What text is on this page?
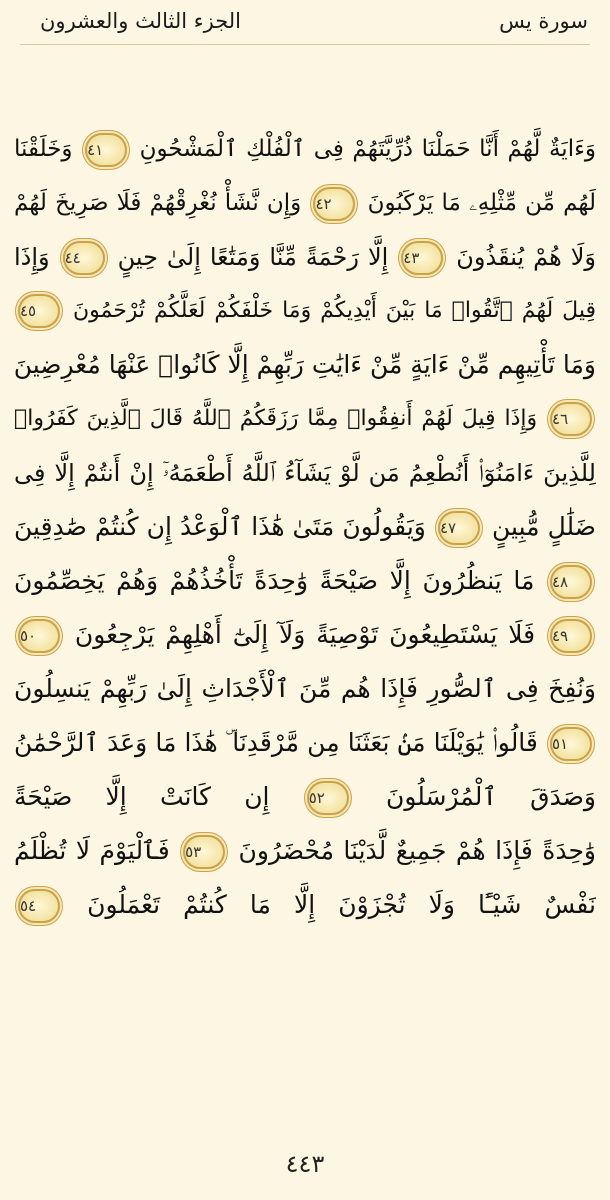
سورة يس
الجزء الثالث والعشرون
وَءَايَةٌ لَّهُمْ أَنَّا حَمَلْنَا ذُرِّيَّتَهُمْ فِى ٱلْفُلْكِ ٱلْمَشْحُونِ ٤١ وَخَلَقْنَا
لَهُم مِّن مِّثْلِهِۦ مَا يَرْكَبُونَ ٤٢ وَإِن نَّشَأْ نُغْرِقْهُمْ فَلَا صَرِيخَ لَهُمْ
وَلَا هُمْ يُنقَذُونَ ٤٣ إِلَّا رَحْمَةً مِّنَّا وَمَتَٰعًا إِلَىٰ حِينٍ ٤٤ وَإِذَا
قِيلَ لَهُمُ ٱتَّقُوا۟ مَا بَيْنَ أَيْدِيكُمْ وَمَا خَلْفَكُمْ لَعَلَّكُمْ تُرْحَمُونَ ٤٥
وَمَا تَأْتِيهِم مِّنْ ءَايَةٍ مِّنْ ءَايَٰتِ رَبِّهِمْ إِلَّا كَانُوا۟ عَنْهَا مُعْرِضِينَ
٤٦ وَإِذَا قِيلَ لَهُمْ أَنفِقُوا۟ مِمَّا رَزَقَكُمُ ٱللَّهُ قَالَ ٱلَّذِينَ كَفَرُوا۟
لِلَّذِينَ ءَامَنُوٓا۟ أَنُطْعِمُ مَن لَّوْ يَشَآءُ ٱللَّهُ أَطْعَمَهُۥٓ إِنْ أَنتُمْ إِلَّا فِى
ضَلَٰلٍ مُّبِينٍ ٤٧ وَيَقُولُونَ مَتَىٰ هَٰذَا ٱلْوَعْدُ إِن كُنتُمْ صَٰدِقِينَ
٤٨ مَا يَنظُرُونَ إِلَّا صَيْحَةً وَٰحِدَةً تَأْخُذُهُمْ وَهُمْ يَخِصِّمُونَ
٤٩ فَلَا يَسْتَطِيعُونَ تَوْصِيَةً وَلَآ إِلَىٰٓ أَهْلِهِمْ يَرْجِعُونَ ٥٠
وَنُفِخَ فِى ٱلصُّورِ فَإِذَا هُم مِّنَ ٱلْأَجْدَاثِ إِلَىٰ رَبِّهِمْ يَنسِلُونَ
٥١ قَالُوا۟ يَٰوَيْلَنَا مَنۢ بَعَثَنَا مِن مَّرْقَدِنَا ۜ هَٰذَا مَا وَعَدَ ٱلرَّحْمَٰنُ
وَصَدَقَ ٱلْمُرْسَلُونَ ٥٢ إِن كَانَتْ إِلَّا صَيْحَةً
وَٰحِدَةً فَإِذَا هُمْ جَمِيعٌ لَّدَيْنَا مُحْضَرُونَ ٥٣ فَٱلْيَوْمَ لَا تُظْلَمُ
نَفْسٌ شَيْـًٔا وَلَا تُجْزَوْنَ إِلَّا مَا كُنتُمْ تَعْمَلُونَ ٥٤
٤٤٣
